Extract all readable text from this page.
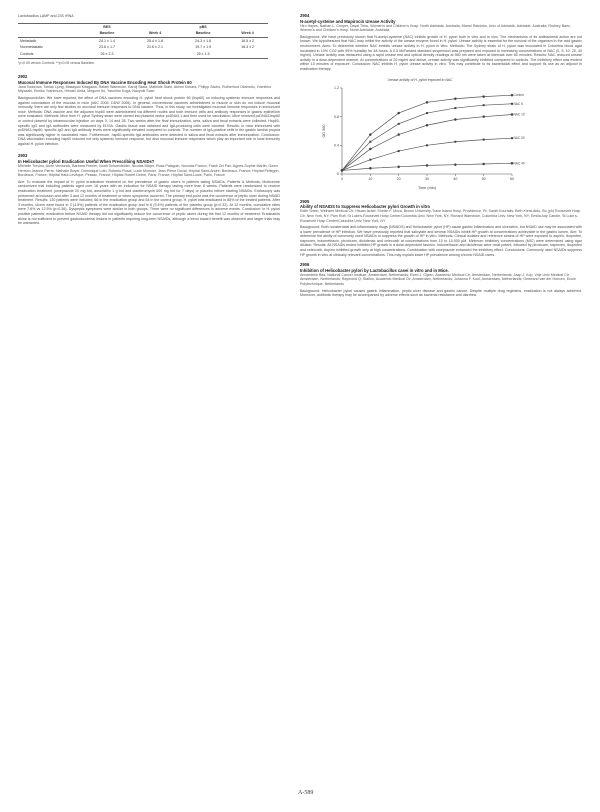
Lactobacillus LAMP and 23S rRNA
	BES		pBS	
	Baseline	Week 4	Baseline	Week 4
Metastatic	24.1 ± 1.4	25.4 ± 1.8	24.3 ± 1.6	16.5 ± 2
Nonmetastatic	23.6 ± 1.7	21.6 ± 2.1	19.7 ± 1.9	16.3 ± 2
Controls	26 ± 2.3		25 ± 1.5	
*p<0.05 versus Controls. **p<0.05 versus Baseline.
2902
Mucosal Immune Responses Induced By DNA Vaccine Encoding Heat Shock Protein 60
Jana Todorova, Tobias Ljung, Masayuki Kitagawa, Rafael Warnecke, Karolj Skala, Mathilde Stahl, Akemi Kohara, Philipp Sachs, Rutherford Okamoto, Yoshihiro Miyazaki, Kimiko Yoshimura, Hiroaki Ueda, Megumi Ito, Yasuhiro Koga, Naoyuki Sase
Background/Aim: We have reported the effect of DNA vaccines encoding H. pylori heat shock protein 60 (hsp60) on inducing systemic immune responses and against colonization of the mucosa in mice (IAIC 2005, DDW 2006). In general, conventional vaccines administered to muscle or skin do not induce mucosal immunity; there are only few studies on mucosal immune responses to DNA vaccine. Thus, in this study, we investigated mucosal immune responses in immunized mice. Methods: DNA vaccine and the adjuvant hsp60 were administered via different routes and both immune cells and antibody responses in gastric epithelium were evaluated. Methods: Mice from H. pylori Sydney strain were cloned into plasmid vector pcDNA3.1 and then used for vaccination. Mice received pcDNA3-hsp60 or control plasmid by intramuscular injection on days 0, 14 and 28. Two weeks after the final immunization, sera, saliva and fecal extracts were collected. Hsp60-specific IgG and IgA antibodies were measured by ELISA. Gastric tissue was obtained and IgA-producing cells were counted. Results: In mice immunized with pcDNA3-hsp60, specific IgG and IgA antibody levels were significantly elevated compared to controls. The number of IgA-positive cells in the gastric lamina propria was significantly higher in vaccinated mice. Furthermore, hsp60-specific IgA antibodies were detected in saliva and fecal extracts after immunization. Conclusion: DNA vaccination encoding hsp60 induced not only systemic immune response, but also mucosal immune responses which play an important role in local immunity against H. pylori infection.
2903
In Helicobacter pylori Eradication Useful When Prescribing NSAIDs?
Michelle Trevino, Anne Verdonck, Barbara Frenier, Noah Schoenfelder, Nicolas Meijer, Rosa Palaguin, Nocolas Franco, Frank Zei Pan, Agnes-Sophie Martin, Gwen Herrsch Jeanne Pierre, Nathalie Boyer, Dominique Loth, Roberto Rosal, Lucie Monnier, Jean-Pierre Duval, Hôpital Saint-André, Bordeaux, France; Hôpital Pellegrin, Bordeaux, France; Hôpital Haut-Lévêque, Pessac, France; Hôpital Robert Debré, Paris, France; Hôpital Saint-Louis, Paris, France
Aim: To evaluate the impact of H. pylori eradication treatment on the prevalence of gastric ulcers in patients taking NSAIDs. Patients & Methods: Multicentre randomized trial including patients aged over 18 years with an indication for NSAID therapy lasting more than 8 weeks. Patients were randomized to receive eradication treatment (omeprazole 20 mg bid, amoxicillin 1 g bid and clarithromycin 500 mg bid for 7 days) or placebo before starting NSAIDs. Endoscopy was performed at inclusion and after 3 and 12 months of treatment or when symptoms occurred. The primary end-point was the occurrence of peptic ulcer during NSAID treatment. Results: 130 patients were included, 66 in the eradication group and 64 in the control group. H. pylori was eradicated in 85% of the treated patients. After 3 months, ulcers were found in 3 (4.5%) patients of the eradication group and in 6 (9.4%) patients of the placebo group (p=0.32). At 12 months, cumulative rates were 7.6% vs 12.5% (p=0.36). Dyspeptic symptoms were similar in both groups. There were no significant differences in adverse events. Conclusion: In H. pylori positive patients, eradication before NSAID therapy did not significantly reduce the occurrence of peptic ulcers during the first 12 months of treatment. Eradication alone is not sufficient to prevent gastroduodenal lesions in patients requiring long-term NSAIDs, although a trend toward benefit was observed and larger trials may be warranted.
2904
N-acetyl-cysteine and Mupirocin Urease Activity
Hiro Hayes, Nathan L. Cooper, Dayal Thiru, Women's and Children's Hosp. North Adelaide, Australia; Marrel Ratnieks, Univ of Adelaide, Adelaide, Australia; Rodney Baez, Women's and Children's Hosp. North Adelaide, Australia
Background: We have previously shown that N-acetyl-cysteine (NAC) inhibits growth of H. pylori both in vitro and in vivo. The mechanisms of its antibacterial action are not known. We hypothesized that NAC may inhibit the activity of the urease enzyme found in H. pylori. Urease activity is essential for the survival of the organism in the acid gastric environment. Aims: To determine whether NAC inhibits urease activity in H. pylori in vitro. Methods: The Sydney strain of H. pylori was inoculated in Columbia blood agar incubated in 10% CO2 with 95% humidity for 48 hours. A 0.5 McFarland standard suspension was prepared and exposed to increasing concentrations of NAC (0, 5, 10, 20, 40 mg/ml). Urease activity was measured using a rapid urease test and optical density readings at 560 nm were taken at intervals over 60 minutes. Results: NAC reduced urease activity in a dose-dependent manner. At concentrations of 20 mg/ml and above, urease activity was significantly inhibited compared to controls. The inhibitory effect was evident within 10 minutes of exposure. Conclusion: NAC inhibits H. pylori urease activity in vitro. This may contribute to its bactericidal effect and support its use as an adjunct in eradication therapy.
Urease activity of H. pylori exposed to NAC
0	10	20	30	40	50	60
0
0.4
0.8
1.2
Time (min)
OD 560
Control
NAC 5
NAC 10
NAC 20
NAC 40
2905
Ability of NSAIDS to Suppress Helicobacter pylori Growth in vitro
Edith Shein, Weihsen Medical Ctr, Hsuan Israel; Shirish F. Mcca, Brown University-Trace Island Hosp, Providence, RI; Sarah Kourfalis, Beth Kiera-Aldo, Bo (ph) Roosevelt Hosp Ctr, New York, NY; Pam Ruff, St Luke's-Roosevelt Hosp Center/Columbia Univ, New York, NY; Richard Warnecke, Columbia Univ, New York, NY; Emilia Ady Candle, St Luke's-Roosevelt Hosp Center/Columbia Univ, New York, NY
Background: Both nonsteroidal anti-inflammatory drugs (NSAIDS) and Helicobacter pylori (HP) cause gastric inflammation and ulceration, but NSAID use may be associated with a lower prevalence of HP infection. We have previously reported that salicylate and several NSAIDs inhibit HP growth at concentrations achievable in the gastric lumen. Aim: To determine the ability of commonly used NSAIDs to suppress the growth of HP in vitro. Methods: Clinical isolates and reference strains of HP were exposed to aspirin, ibuprofen, naproxen, indomethacin, piroxicam, diclofenac and celecoxib at concentrations from 10 to 10,000 µM. Minimum inhibitory concentrations (MIC) were determined using agar dilution. Results: All NSAIDs tested inhibited HP growth in a dose-dependent fashion. Indomethacin and diclofenac were most potent, followed by piroxicam, naproxen, ibuprofen and celecoxib. Aspirin inhibited growth only at high concentrations. Combination with omeprazole enhanced the inhibitory effect. Conclusions: Commonly used NSAIDs suppress HP growth in vitro at clinically relevant concentrations. This may explain lower HP prevalence among chronic NSAID users.
2906
Inhibition of Helicobacter pylori by Lactobacillus casei in vitro and in Mice.
Annemieke Bas, National Cancer Institute, Amsterdam, Netherlands; Evert J. Gijzen, Academic Medical Ctr, Amsterdam, Netherlands; Jaap J. Kop, Vrije Univ Medical Ctr, Amsterdam, Netherlands; Raymond Q. Stallon, Academic Medical Ctr, Amsterdam, Netherlands; Johanna F. Kool, Amsterdam, Netherlands; Gerbrand van der Hoeven, Ecole Polytechnique, Netherlands
Background: Helicobacter pylori causes gastric inflammation, peptic ulcer disease and gastric cancer. Despite multiple drug regimens, eradication is not always achieved. Moreover, antibiotic therapy may be accompanied by adverse effects such as bacterial resistance and diarrhea.
A-589
